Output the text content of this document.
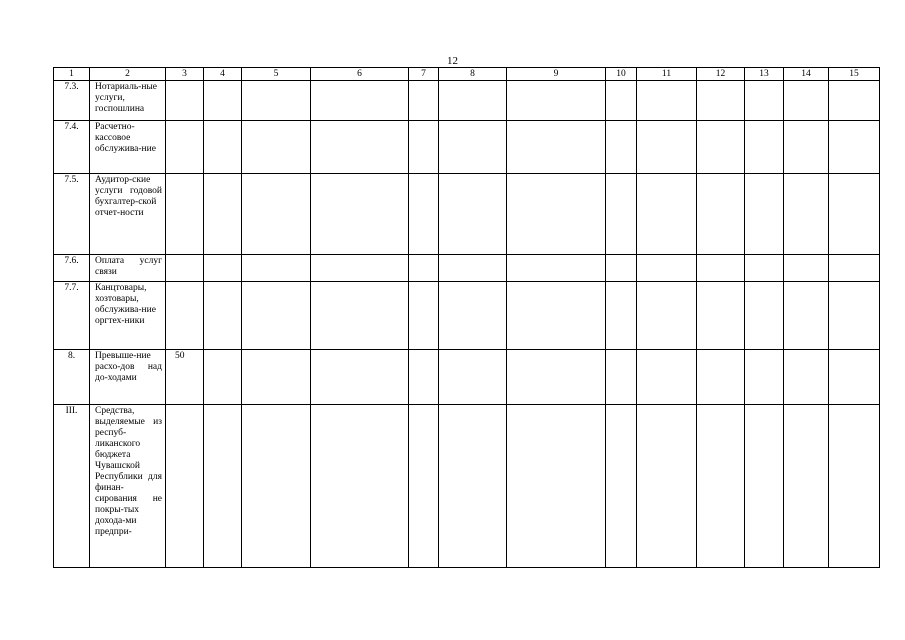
12
1	2	3	4	5	6	7	8	9	10	11	12	13	14	15
7.3.	Нотариаль-ные услуги, госпошлина													
7.4.	Расчетно-кассовое обслужива-ние													
7.5.	Аудитор-ские услуги годовой бухгалтер-ской отчет-ности													
7.6.	Оплата услуг связи													
7.7.	Канцтовары, хозтовары, обслужива-ние оргтех-ники													
8.	Превыше-ние расхо-дов над до-ходами	50												
III.	Средства, выделяемые из респуб-ликанского бюджета Чувашской Республики для финан-сирования не покры-тых дохода-ми предпри-													
